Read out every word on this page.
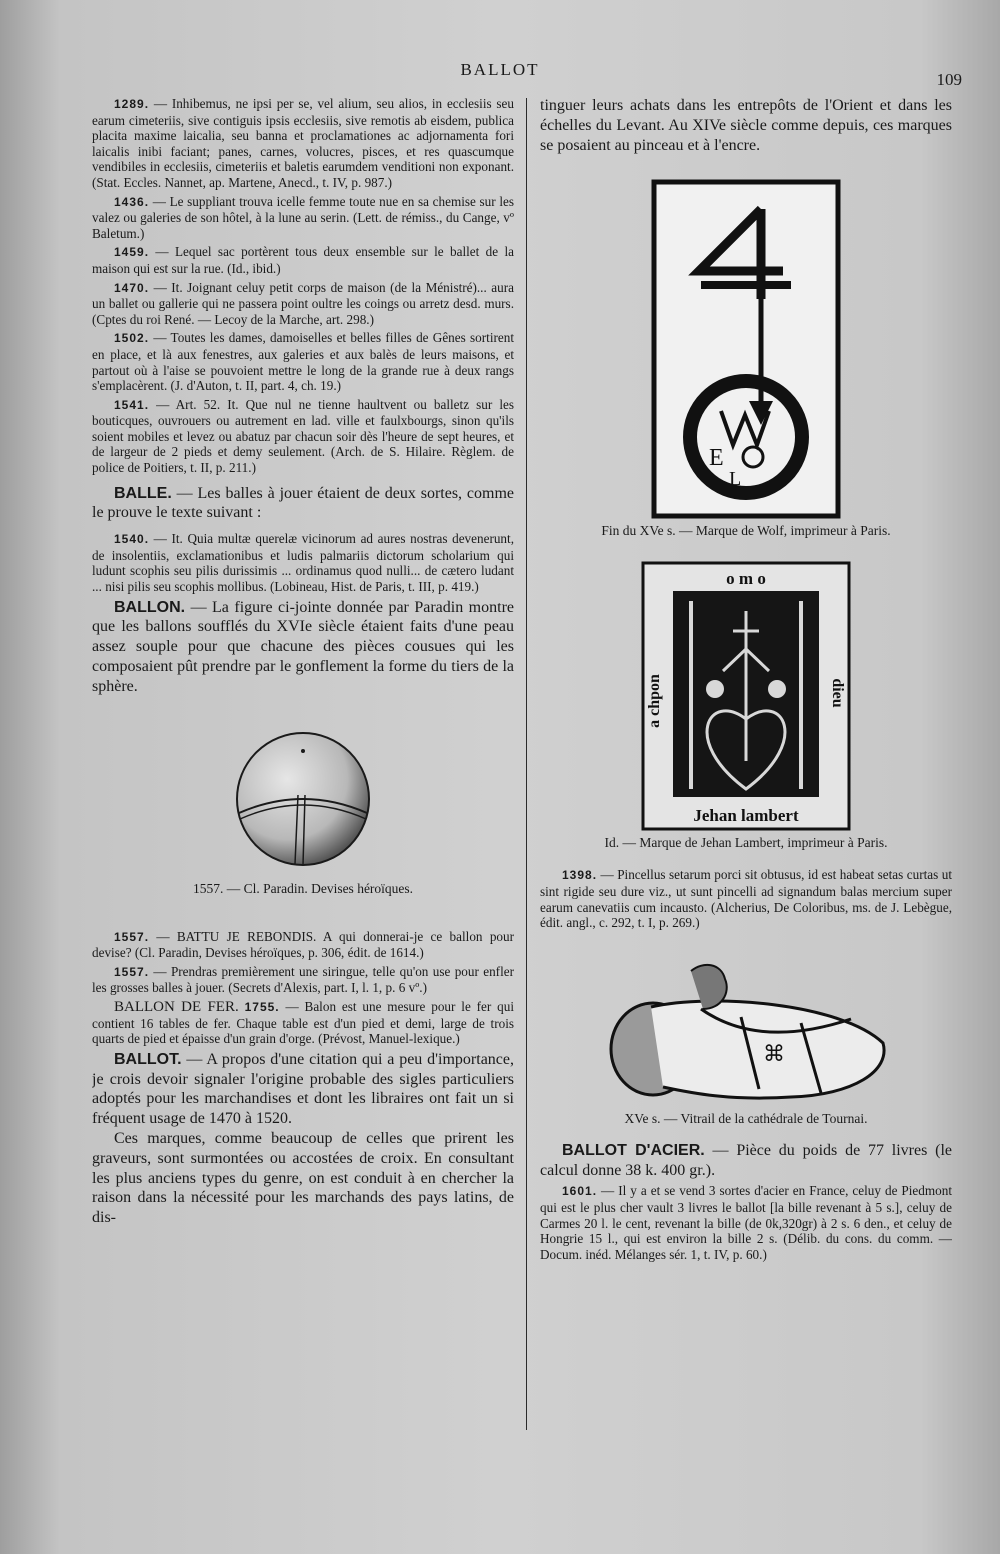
BALLOT
109

1289. — Inhibemus, ne ipsi per se, vel alium, seu alios, in ecclesiis seu earum cimeteriis, sive contiguis ipsis ecclesiis, sive remotis ab eisdem, publica placita maxime laicalia, seu banna et proclamationes ac adjornamenta fori laicalis inibi faciant; panes, carnes, volucres, pisces, et res quascumque vendibiles in ecclesiis, cimeteriis et baletis earumdem venditioni non exponant. (Stat. Eccles. Nannet, ap. Martene, Anecd., t. IV, p. 987.)

1436. — Le suppliant trouva icelle femme toute nue en sa chemise sur les valez ou galeries de son hôtel, à la lune au serin. (Lett. de rémiss., du Cange, vº Baletum.)

1459. — Lequel sac portèrent tous deux ensemble sur le ballet de la maison qui est sur la rue. (Id., ibid.)

1470. — It. Joignant celuy petit corps de maison (de la Ménistré)... aura un ballet ou gallerie qui ne passera point oultre les coings ou arretz desd. murs. (Cptes du roi René. — Lecoy de la Marche, art. 298.)

1502. — Toutes les dames, damoiselles et belles filles de Gênes sortirent en place, et là aux fenestres, aux galeries et aux balès de leurs maisons, et partout où à l'aise se pouvoient mettre le long de la grande rue à deux rangs s'emplacèrent. (J. d'Auton, t. II, part. 4, ch. 19.)

1541. — Art. 52. It. Que nul ne tienne haultvent ou balletz sur les bouticques, ouvrouers ou autrement en lad. ville et faulxbourgs, sinon qu'ils soient mobiles et levez ou abatuz par chacun soir dès l'heure de sept heures, et de largeur de 2 pieds et demy seulement. (Arch. de S. Hilaire. Règlem. de police de Poitiers, t. II, p. 211.)

BALLE. — Les balles à jouer étaient de deux sortes, comme le prouve le texte suivant :

1540. — It. Quia multæ querelæ vicinorum ad aures nostras devenerunt, de insolentiis, exclamationibus et ludis palmariis dictorum scholarium qui ludunt scophis seu pilis durissimis ... ordinamus quod nulli... de cætero ludant ... nisi pilis seu scophis mollibus. (Lobineau, Hist. de Paris, t. III, p. 419.)

BALLON. — La figure ci-jointe donnée par Paradin montre que les ballons soufflés du XVIe siècle étaient faits d'une peau assez souple pour que chacune des pièces cousues qui les composaient pût prendre par le gonflement la forme du tiers de la sphère.

1557. — Cl. Paradin. Devises héroïques.

1557. — BATTU JE REBONDIS. A qui donnerai-je ce ballon pour devise? (Cl. Paradin, Devises héroïques, p. 306, édit. de 1614.)

1557. — Prendras premièrement une siringue, telle qu'on use pour enfler les grosses balles à jouer. (Secrets d'Alexis, part. I, l. 1, p. 6 vº.)

BALLON DE FER. 1755. — Balon est une mesure pour le fer qui contient 16 tables de fer. Chaque table est d'un pied et demi, large de trois quarts de pied et épaisse d'un grain d'orge. (Prévost, Manuel-lexique.)

BALLOT. — A propos d'une citation qui a peu d'importance, je crois devoir signaler l'origine probable des sigles particuliers adoptés pour les marchandises et dont les libraires ont fait un si fréquent usage de 1470 à 1520.

Ces marques, comme beaucoup de celles que prirent les graveurs, sont surmontées ou accostées de croix. En consultant les plus anciens types du genre, on est conduit à en chercher la raison dans la nécessité pour les marchands des pays latins, de dis-

tinguer leurs achats dans les entrepôts de l'Orient et dans les échelles du Levant. Au XIVe siècle comme depuis, ces marques se posaient au pinceau et à l'encre.

E
L

Fin du XVe s. — Marque de Wolf, imprimeur à Paris.

o m o
dieu
a chpon
Jehan lambert

Id. — Marque de Jehan Lambert, imprimeur à Paris.

1398. — Pincellus setarum porci sit obtusus, id est habeat setas curtas ut sint rigide seu dure viz., ut sunt pincelli ad signandum balas mercium super earum canevatiis cum incausto. (Alcherius, De Coloribus, ms. de J. Lebègue, édit. angl., c. 292, t. I, p. 269.)

⌘

XVe s. — Vitrail de la cathédrale de Tournai.

BALLOT D'ACIER. — Pièce du poids de 77 livres (le calcul donne 38 k. 400 gr.).

1601. — Il y a et se vend 3 sortes d'acier en France, celuy de Piedmont qui est le plus cher vault 3 livres le ballot [la bille revenant à 5 s.], celuy de Carmes 20 l. le cent, revenant la bille (de 0k,320gr) à 2 s. 6 den., et celuy de Hongrie 15 l., qui est environ la bille 2 s. (Délib. du cons. du comm. — Docum. inéd. Mélanges sér. 1, t. IV, p. 60.)
